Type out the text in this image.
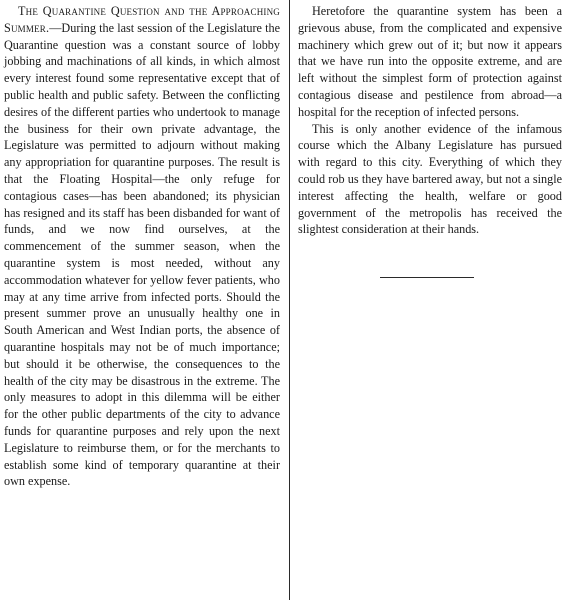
The Quarantine Question and the Approaching Summer.—During the last session of the Legislature the Quarantine question was a constant source of lobby jobbing and machinations of all kinds, in which almost every interest found some representative except that of public health and public safety. Between the conflicting desires of the different parties who undertook to manage the business for their own private advantage, the Legislature was permitted to adjourn without making any appropriation for quarantine purposes. The result is that the Floating Hospital—the only refuge for contagious cases—has been abandoned; its physician has resigned and its staff has been disbanded for want of funds, and we now find ourselves, at the commencement of the summer season, when the quarantine system is most needed, without any accommodation whatever for yellow fever patients, who may at any time arrive from infected ports. Should the present summer prove an unusually healthy one in South American and West Indian ports, the absence of quarantine hospitals may not be of much importance; but should it be otherwise, the consequences to the health of the city may be disastrous in the extreme. The only measures to adopt in this dilemma will be either for the other public departments of the city to advance funds for quarantine purposes and rely upon the next Legislature to reimburse them, or for the merchants to establish some kind of temporary quarantine at their own expense.

Heretofore the quarantine system has been a grievous abuse, from the complicated and expensive machinery which grew out of it; but now it appears that we have run into the opposite extreme, and are left without the simplest form of protection against contagious disease and pestilence from abroad—a hospital for the reception of infected persons.

This is only another evidence of the infamous course which the Albany Legislature has pursued with regard to this city. Everything of which they could rob us they have bartered away, but not a single interest affecting the health, welfare or good government of the metropolis has received the slightest consideration at their hands.
